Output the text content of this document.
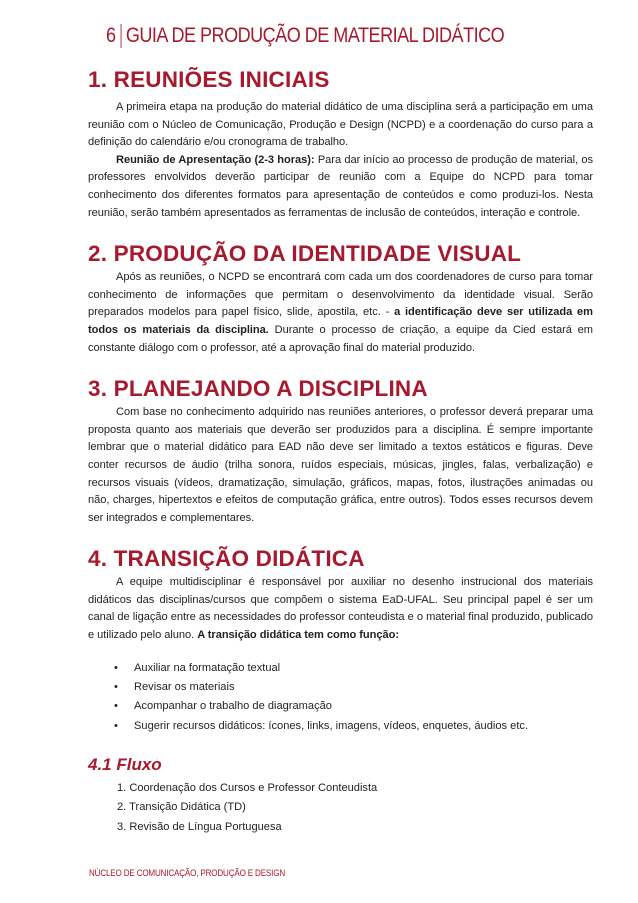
6 GUIA DE PRODUÇÃO DE MATERIAL DIDÁTICO
1. REUNIÕES INICIAIS

A primeira etapa na produção do material didático de uma disciplina será a participação em uma reunião com o Núcleo de Comunicação, Produção e Design (NCPD) e a coordenação do curso para a definição do calendário e/ou cronograma de trabalho.

Reunião de Apresentação (2-3 horas): Para dar início ao processo de produção de material, os professores envolvidos deverão participar de reunião com a Equipe do NCPD para tomar conhecimento dos diferentes formatos para apresentação de conteúdos e como produzi-los. Nesta reunião, serão também apresentados as ferramentas de inclusão de conteúdos, interação e controle.

2. PRODUÇÃO DA IDENTIDADE VISUAL

Após as reuniões, o NCPD se encontrará com cada um dos coordenadores de curso para tomar conhecimento de informações que permitam o desenvolvimento da identidade visual. Serão preparados modelos para papel físico, slide, apostila, etc. - a identificação deve ser utilizada em todos os materiais da disciplina. Durante o processo de criação, a equipe da Cied estará em constante diálogo com o professor, até a aprovação final do material produzido.

3. PLANEJANDO A DISCIPLINA

Com base no conhecimento adquirido nas reuniões anteriores, o professor deverá preparar uma proposta quanto aos materiais que deverão ser produzidos para a disciplina. É sempre importante lembrar que o material didático para EAD não deve ser limitado a textos estáticos e figuras. Deve conter recursos de áudio (trilha sonora, ruídos especiais, músicas, jingles, falas, verbalização) e recursos visuais (vídeos, dramatização, simulação, gráficos, mapas, fotos, ilustrações animadas ou não, charges, hipertextos e efeitos de computação gráfica, entre outros). Todos esses recursos devem ser integrados e complementares.

4. TRANSIÇÃO DIDÁTICA

A equipe multidisciplinar é responsável por auxiliar no desenho instrucional dos materiais didáticos das disciplinas/cursos que compõem o sistema EaD-UFAL. Seu principal papel é ser um canal de ligação entre as necessidades do professor conteudista e o material final produzido, publicado e utilizado pelo aluno. A transição didática tem como função:

• Auxiliar na formatação textual
• Revisar os materiais
• Acompanhar o trabalho de diagramação
• Sugerir recursos didáticos: ícones, links, imagens, vídeos, enquetes, áudios etc.
4.1 Fluxo
1. Coordenação dos Cursos e Professor Conteudista
2. Transição Didática (TD)
3. Revisão de Língua Portuguesa
NÚCLEO DE COMUNICAÇÃO, PRODUÇÃO E DESIGN
